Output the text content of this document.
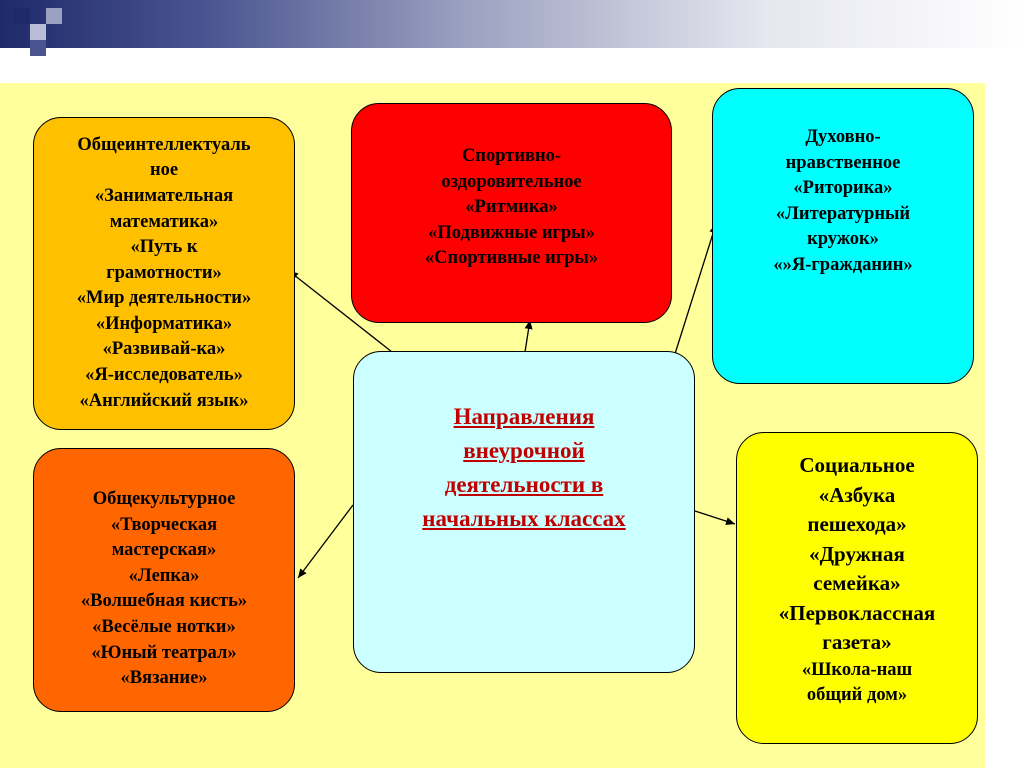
Общеинтеллектуаль
ное
«Занимательная
математика»
«Путь к
грамотности»
«Мир деятельности»
«Информатика»
«Развивай-ка»
«Я-исследователь»
«Английский язык»
Спортивно-
оздоровительное
«Ритмика»
«Подвижные игры»
«Спортивные игры»
Духовно-
нравственное
«Риторика»
«Литературный
кружок»
«»Я-гражданин»
Общекультурное
«Творческая
мастерская»
«Лепка»
«Волшебная кисть»
«Весёлые нотки»
«Юный театрал»
«Вязание»
Социальное
«Азбука
пешехода»
«Дружная
семейка»
«Первоклассная
газета»
«Школа-наш
общий дом»
Направления
внеурочной
деятельности в
начальных классах
